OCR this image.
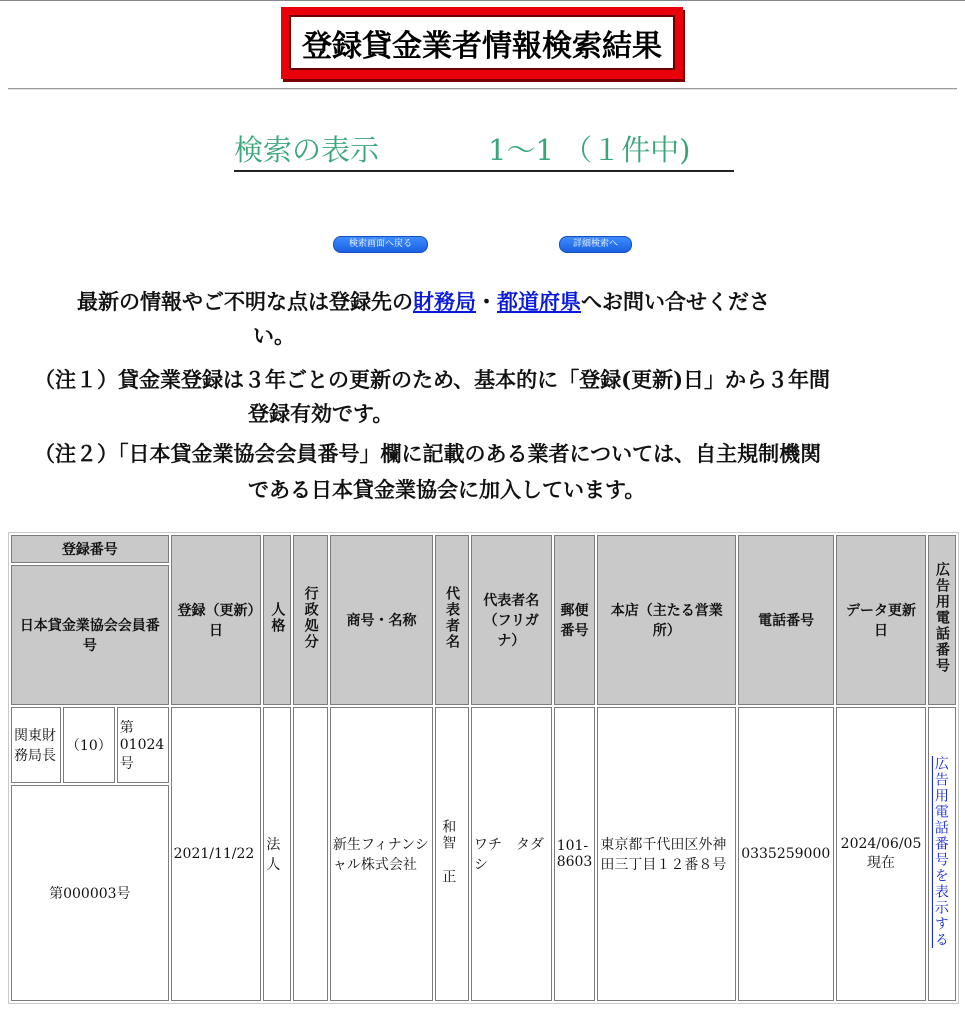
登録貸金業者情報検索結果
検索の表示	1～1 （１件中)
検索画面へ戻る	詳細検索へ
最新の情報やご不明な点は登録先の財務局・都道府県へお問い合せくださ
い。
（注１）貸金業登録は３年ごとの更新のため、基本的に「登録(更新)日」から３年間
登録有効です。
（注２）「日本貸金業協会会員番号」欄に記載のある業者については、自主規制機関
である日本貸金業協会に加入しています。
登録番号			登録（更新）日	人格	行政処分	商号・名称	代表者名	代表者名（フリガナ）	郵便番号	本店（主たる営業所）	電話番号	データ更新日	広告用電話番号
日本貸金業協会会員番号													
関東財務局長	（10）	第01024号	2021/11/22	法人		新生フィナンシャル株式会社	和智 正	ワチ　タダシ	101-8603	東京都千代田区外神田三丁目１２番８号	0335259000	2024/06/05現在	広告用電話番号を表示する
第000003号													
